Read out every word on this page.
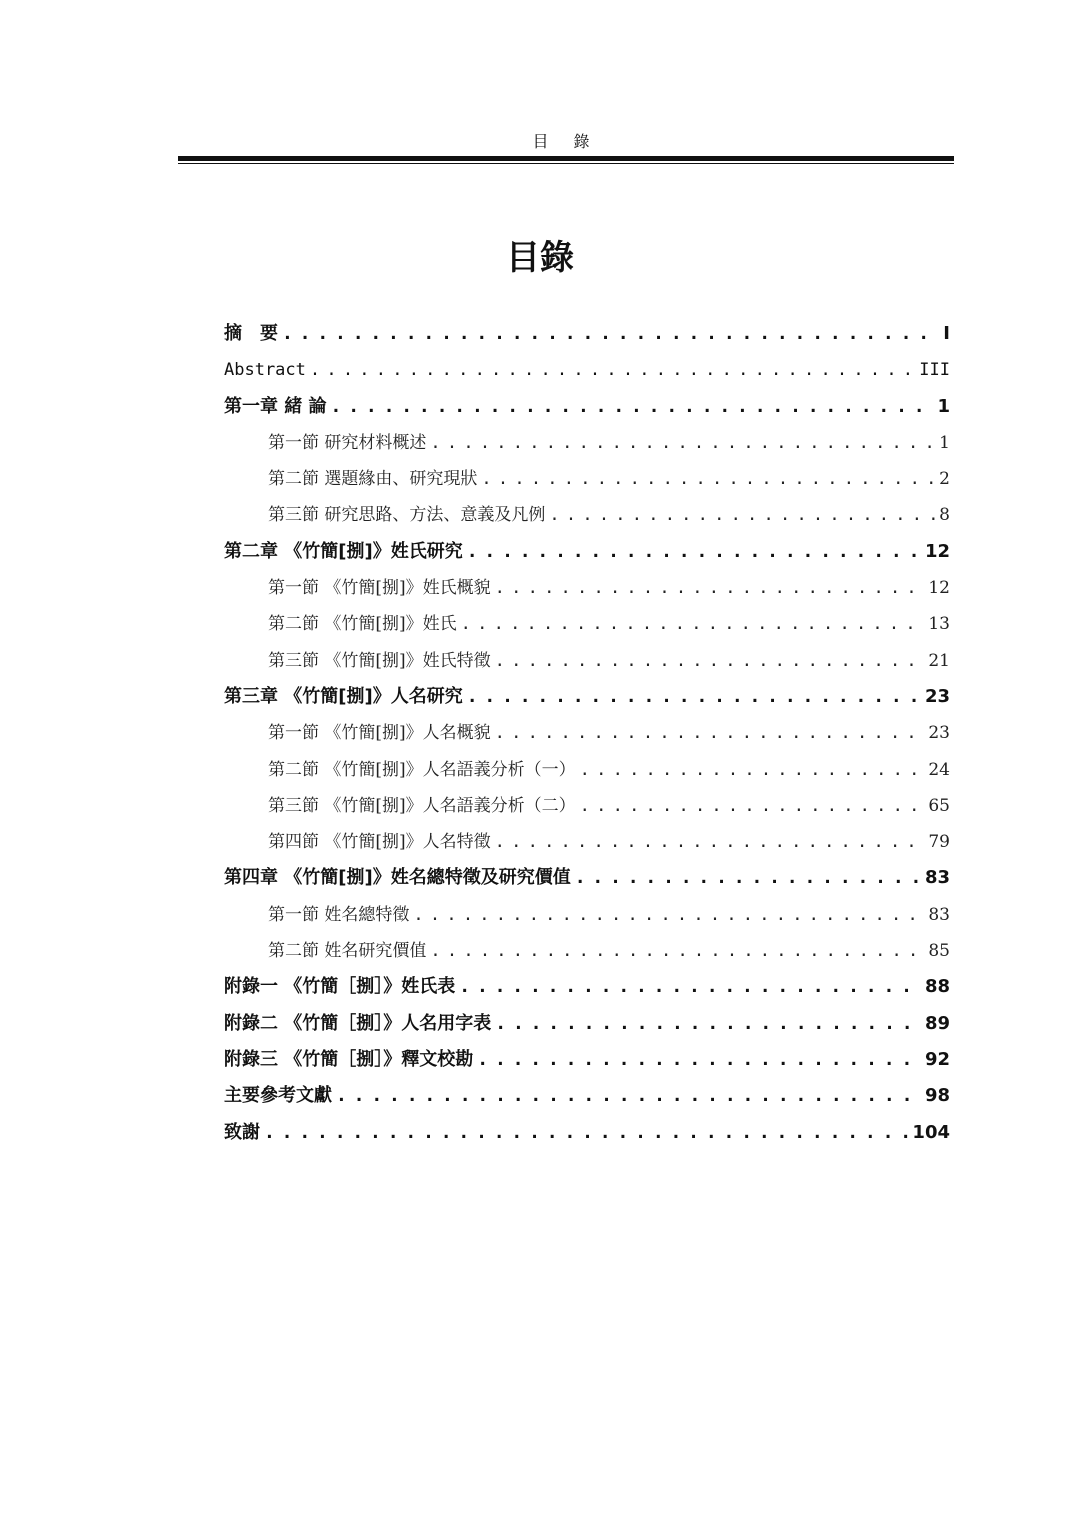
目 錄
目錄
摘　要 . . .	I
Abstract . . .	III
第一章 緒 論 . . .	1
第一節 研究材料概述 . . .	1
第二節 選題緣由、研究現狀 . . .	2
第三節 研究思路、方法、意義及凡例 . . .	8
第二章 《竹簡[捌]》姓氏研究 . . .	12
第一節 《竹簡[捌]》姓氏概貌 . . .	12
第二節 《竹簡[捌]》姓氏 . . .	13
第三節 《竹簡[捌]》姓氏特徵 . . .	21
第三章 《竹簡[捌]》人名研究 . . .	23
第一節 《竹簡[捌]》人名概貌 . . .	23
第二節 《竹簡[捌]》人名語義分析（一） . . .	24
第三節 《竹簡[捌]》人名語義分析（二） . . .	65
第四節 《竹簡[捌]》人名特徵 . . .	79
第四章 《竹簡[捌]》姓名總特徵及研究價值 . . .	83
第一節 姓名總特徵 . . .	83
第二節 姓名研究價值 . . .	85
附錄一 《竹簡［捌］》姓氏表 . . .	88
附錄二 《竹簡［捌］》人名用字表 . . .	89
附錄三 《竹簡［捌］》釋文校勘 . . .	92
主要參考文獻 . . .	98
致謝 . . .	104
